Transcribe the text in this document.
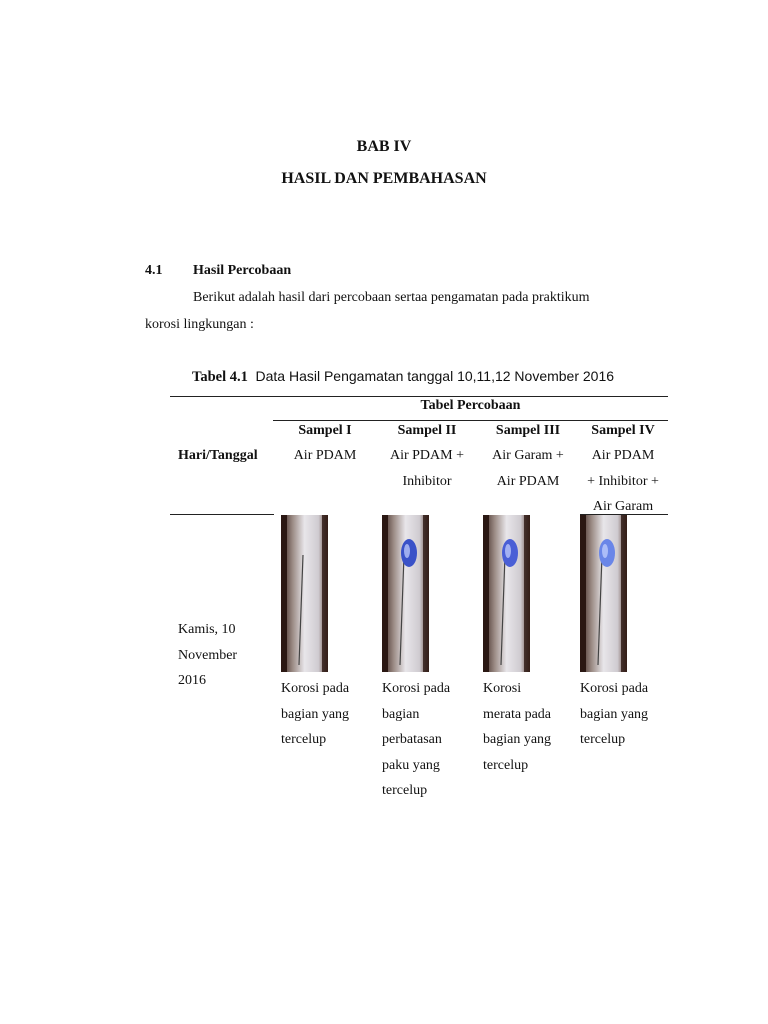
BAB IV
HASIL DAN PEMBAHASAN
4.1 Hasil Percobaan
Berikut adalah hasil dari percobaan sertaa pengamatan pada praktikum
korosi lingkungan :
Tabel 4.1 Data Hasil Pengamatan tanggal 10,11,12 November 2016
Tabel Percobaan
Hari/Tanggal
Sampel I
Air PDAM
Sampel II
Air PDAM +
Inhibitor
Sampel III
Air Garam +
Air PDAM
Sampel IV
Air PDAM
+ Inhibitor +
Air Garam
Kamis, 10
November
2016
Korosi pada
bagian yang
tercelup
Korosi pada
bagian
perbatasan
paku yang
tercelup
Korosi
merata pada
bagian yang
tercelup
Korosi pada
bagian yang
tercelup
